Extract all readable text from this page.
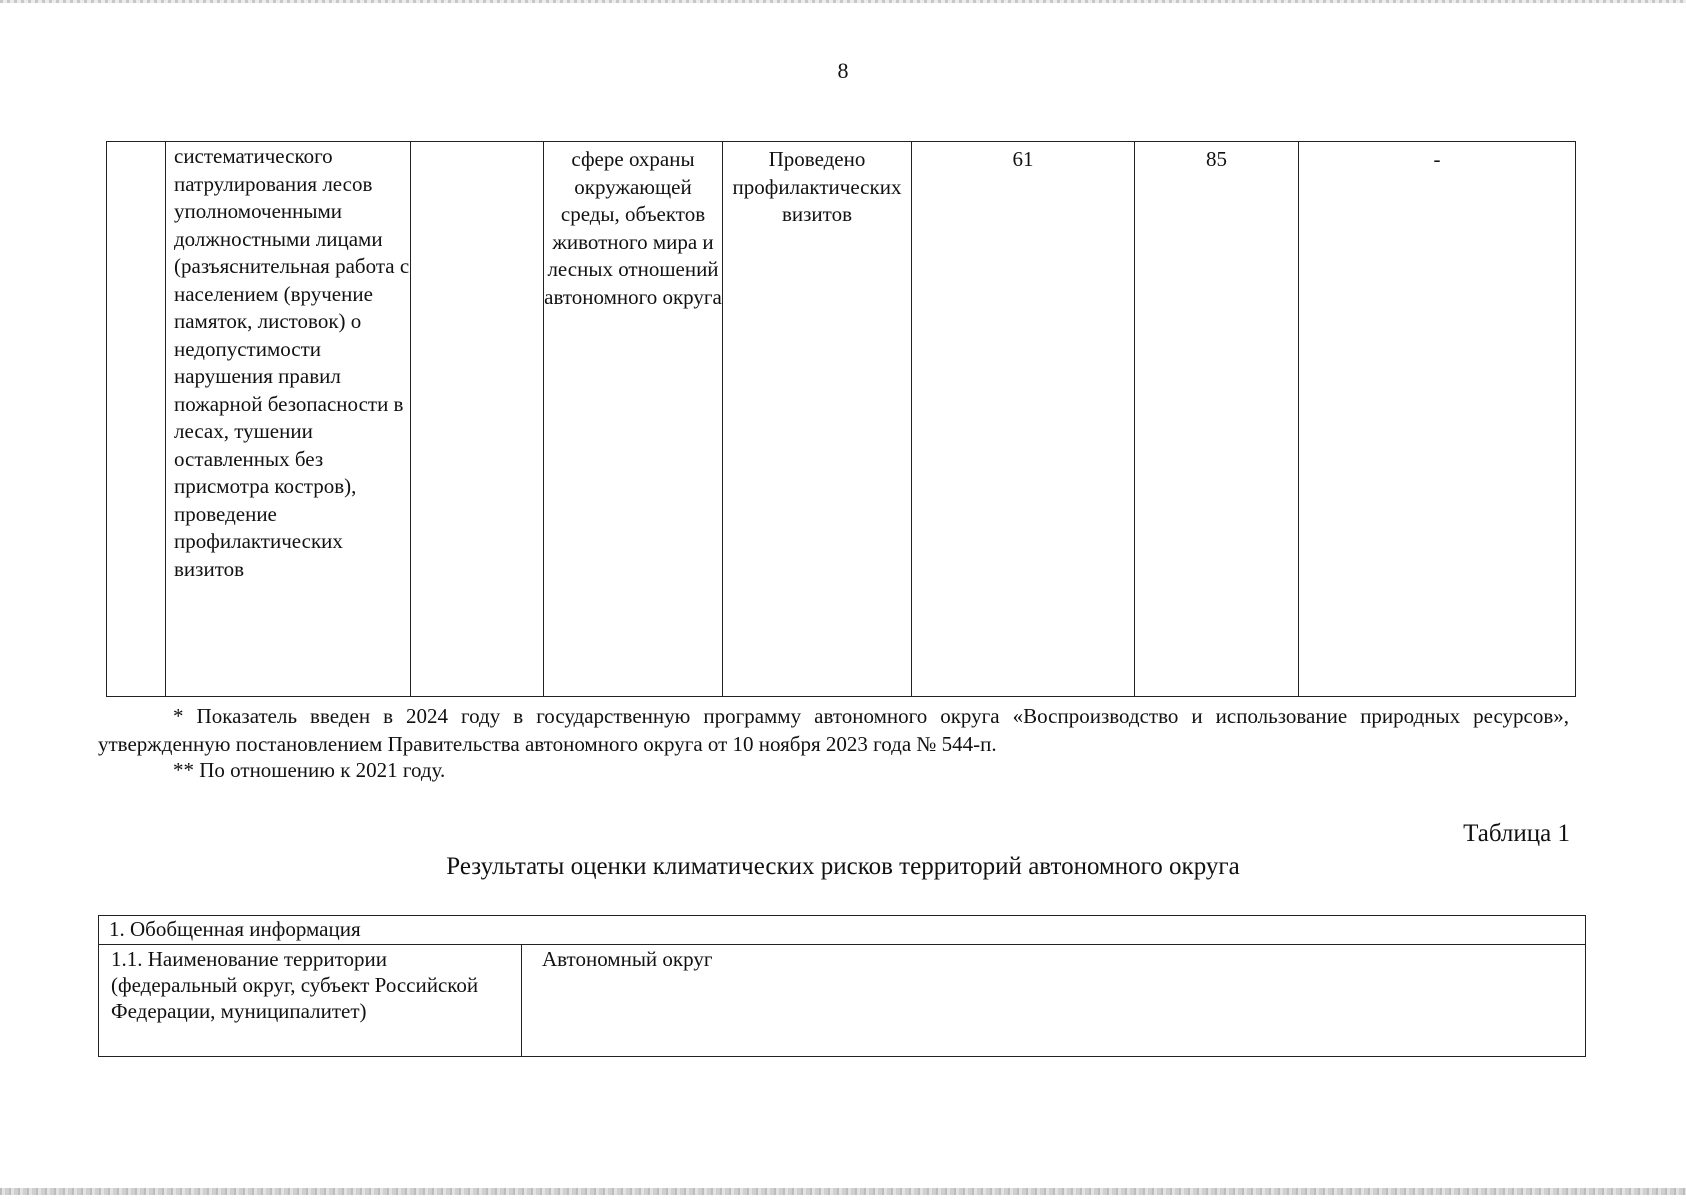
8
	систематического патрулирования лесов уполномоченными должностными лицами (разъяснительная работа с населением (вручение памяток, листовок) о недопустимости нарушения правил пожарной безопасности в лесах, тушении оставленных без присмотра костров), проведение профилактических визитов		сфере охраны окружающей среды, объектов животного мира и лесных отношений автономного округа	Проведено профилактических визитов	61	85	-
* Показатель введен в 2024 году в государственную программу автономного округа «Воспроизводство и использование природных ресурсов», утвержденную постановлением Правительства автономного округа от 10 ноября 2023 года № 544-п.
** По отношению к 2021 году.
Таблица 1
Результаты оценки климатических рисков территорий автономного округа
1. Обобщенная информация
1.1. Наименование территории (федеральный округ, субъект Российской Федерации, муниципалитет)	Автономный округ
